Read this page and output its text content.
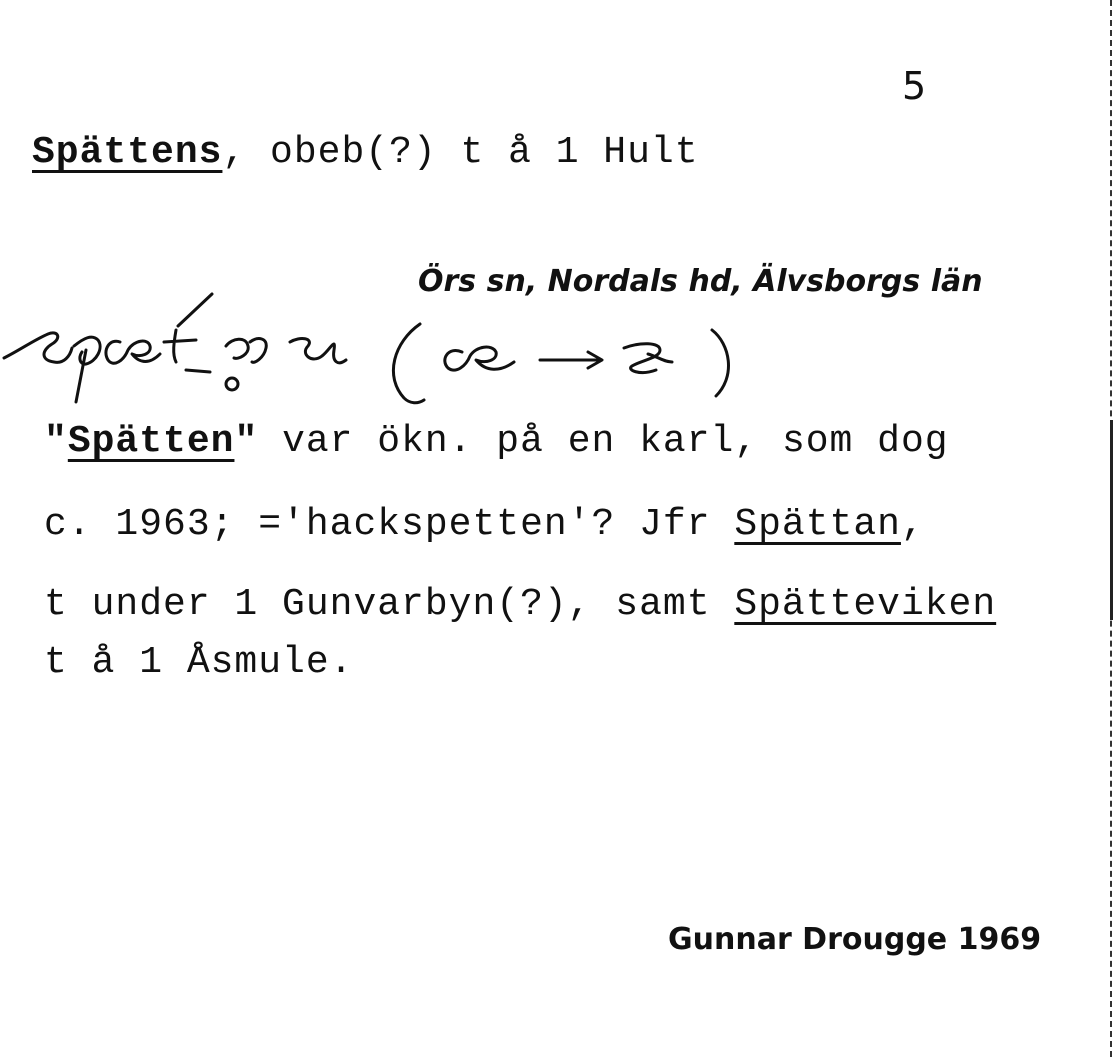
5
Spättens, obeb(?) t å 1 Hult
Örs sn, Nordals hd, Älvsborgs län
"Spätten" var ökn. på en karl, som dog
c. 1963; ='hackspetten'? Jfr Spättan,
t under 1 Gunvarbyn(?), samt Spätteviken
t å 1 Åsmule.
Gunnar Drougge 1969
